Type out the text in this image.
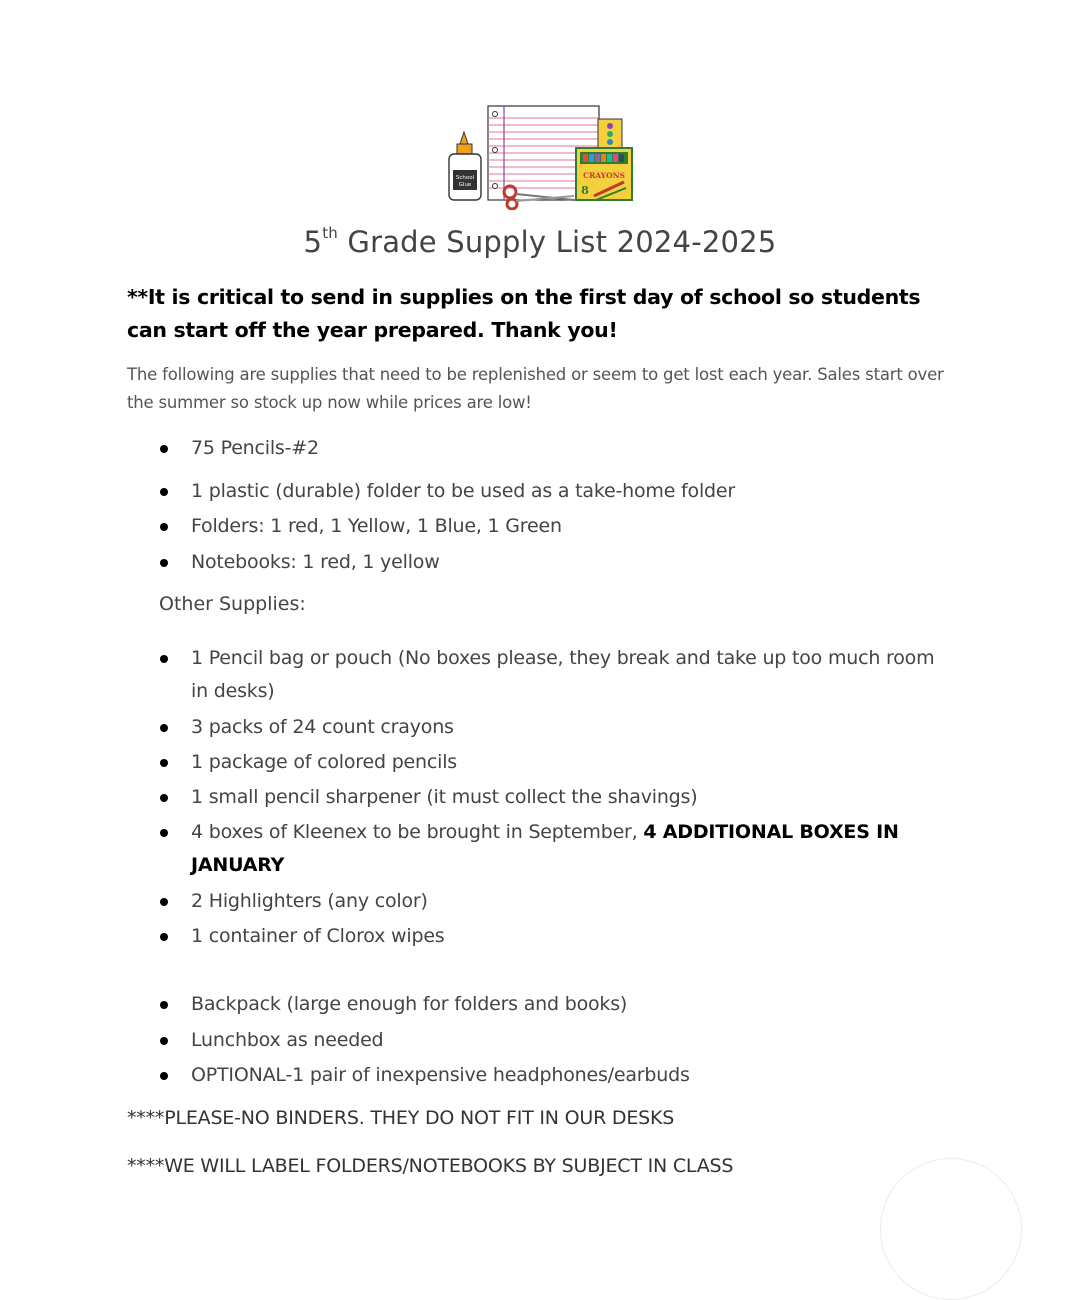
School
Glue
CRAYONS
8
5th Grade Supply List 2024-2025
**It is critical to send in supplies on the first day of school so students can start off the year prepared. Thank you!
The following are supplies that need to be replenished or seem to get lost each year. Sales start over the summer so stock up now while prices are low!
75 Pencils-#2
1 plastic (durable) folder to be used as a take-home folder
Folders: 1 red, 1 Yellow, 1 Blue, 1 Green
Notebooks: 1 red, 1 yellow
Other Supplies:
1 Pencil bag or pouch (No boxes please, they break and take up too much room in desks)
3 packs of 24 count crayons
1 package of colored pencils
1 small pencil sharpener (it must collect the shavings)
4 boxes of Kleenex to be brought in September, 4 ADDITIONAL BOXES IN JANUARY
2 Highlighters (any color)
1 container of Clorox wipes
Backpack (large enough for folders and books)
Lunchbox as needed
OPTIONAL-1 pair of inexpensive headphones/earbuds
****PLEASE-NO BINDERS. THEY DO NOT FIT IN OUR DESKS
****WE WILL LABEL FOLDERS/NOTEBOOKS BY SUBJECT IN CLASS
